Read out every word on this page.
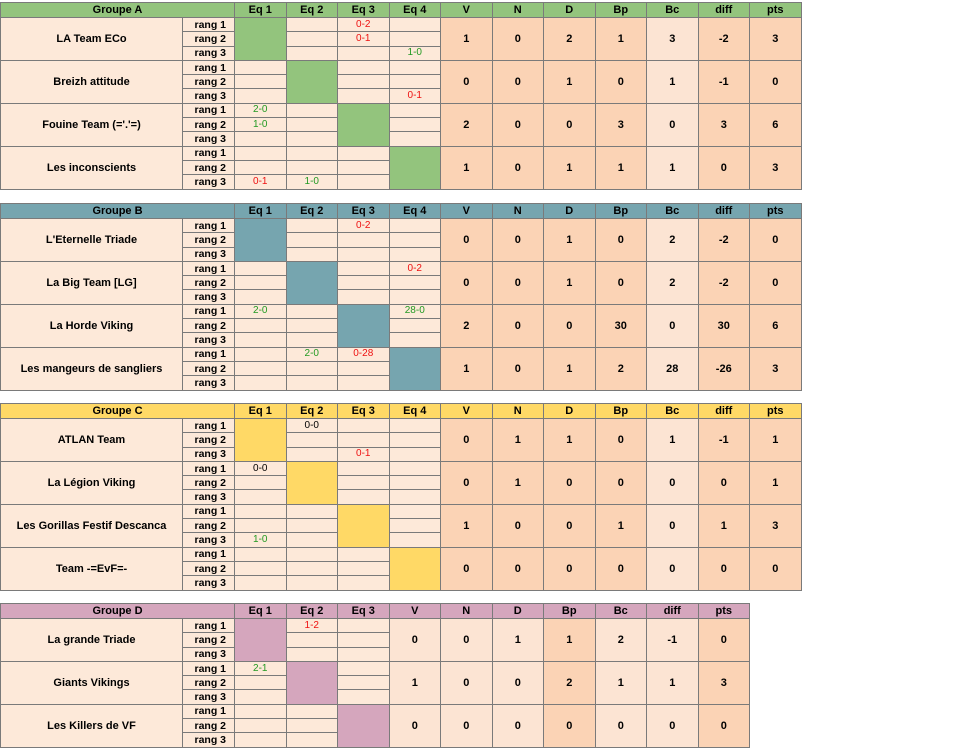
Groupe A		Eq 1	Eq 2	Eq 3	Eq 4	V	N	D	Bp	Bc	diff	pts
LA Team ECo	rang 1			0-2		1	0	2	1	3	-2	3
	rang 2			0-1								
	rang 3				1-0							
Breizh attitude	rang 1					0	0	1	0	1	-1	0
	rang 2											
	rang 3				0-1							
Fouine Team (='.'=)	rang 1	2-0				2	0	0	3	0	3	6
	rang 2	1-0										
	rang 3											
Les inconscients	rang 1					1	0	1	1	1	0	3
	rang 2											
	rang 3	0-1	1-0									
Groupe B		Eq 1	Eq 2	Eq 3	Eq 4	V	N	D	Bp	Bc	diff	pts
L'Eternelle Triade	rang 1			0-2		0	0	1	0	2	-2	0
	rang 2											
	rang 3											
La Big Team [LG]	rang 1				0-2	0	0	1	0	2	-2	0
	rang 2											
	rang 3											
La Horde Viking	rang 1	2-0			28-0	2	0	0	30	0	30	6
	rang 2											
	rang 3											
Les mangeurs de sangliers	rang 1		2-0	0-28		1	0	1	2	28	-26	3
	rang 2											
	rang 3											
Groupe C		Eq 1	Eq 2	Eq 3	Eq 4	V	N	D	Bp	Bc	diff	pts
ATLAN Team	rang 1		0-0			0	1	1	0	1	-1	1
	rang 2											
	rang 3			0-1								
La Légion Viking	rang 1	0-0				0	1	0	0	0	0	1
	rang 2											
	rang 3											
Les Gorillas Festif Descanca	rang 1					1	0	0	1	0	1	3
	rang 2											
	rang 3	1-0										
Team -=EvF=-	rang 1					0	0	0	0	0	0	0
	rang 2											
	rang 3											
Groupe D		Eq 1	Eq 2	Eq 3	V	N	D	Bp	Bc	diff	pts
La grande Triade	rang 1		1-2		0	0	1	1	2	-1	0
	rang 2										
	rang 3										
Giants Vikings	rang 1	2-1			1	0	0	2	1	1	3
	rang 2										
	rang 3										
Les Killers de VF	rang 1				0	0	0	0	0	0	0
	rang 2										
	rang 3										
